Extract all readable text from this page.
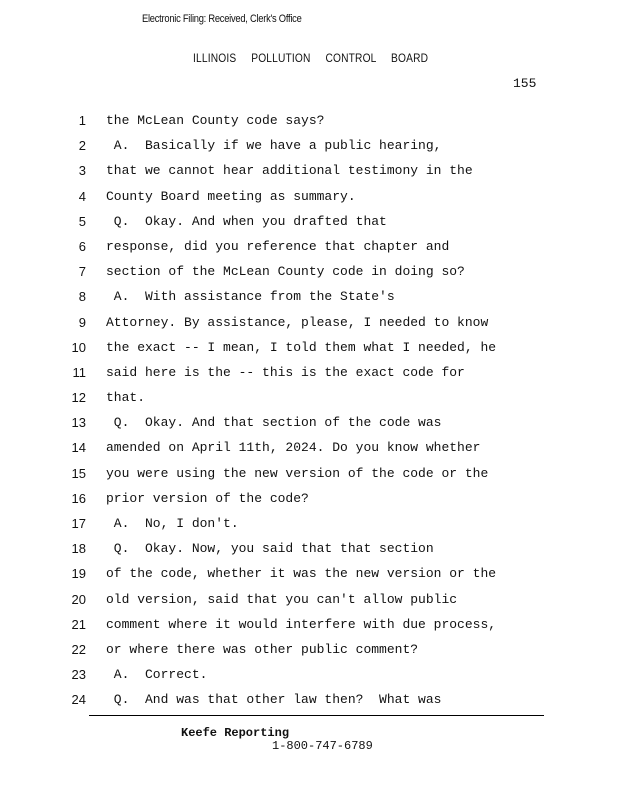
Electronic Filing: Received, Clerk's Office
ILLINOIS POLLUTION CONTROL BOARD
155
1 the McLean County code says?
2 A.  Basically if we have a public hearing,
3 that we cannot hear additional testimony in the
4 County Board meeting as summary.
5 Q.  Okay. And when you drafted that
6 response, did you reference that chapter and
7 section of the McLean County code in doing so?
8 A.  With assistance from the State's
9 Attorney. By assistance, please, I needed to know
10 the exact -- I mean, I told them what I needed, he
11 said here is the -- this is the exact code for
12 that.
13 Q.  Okay. And that section of the code was
14 amended on April 11th, 2024. Do you know whether
15 you were using the new version of the code or the
16 prior version of the code?
17 A.  No, I don't.
18 Q.  Okay. Now, you said that that section
19 of the code, whether it was the new version or the
20 old version, said that you can't allow public
21 comment where it would interfere with due process,
22 or where there was other public comment?
23 A.  Correct.
24 Q.  And was that other law then?  What was
Keefe Reporting
1-800-747-6789
